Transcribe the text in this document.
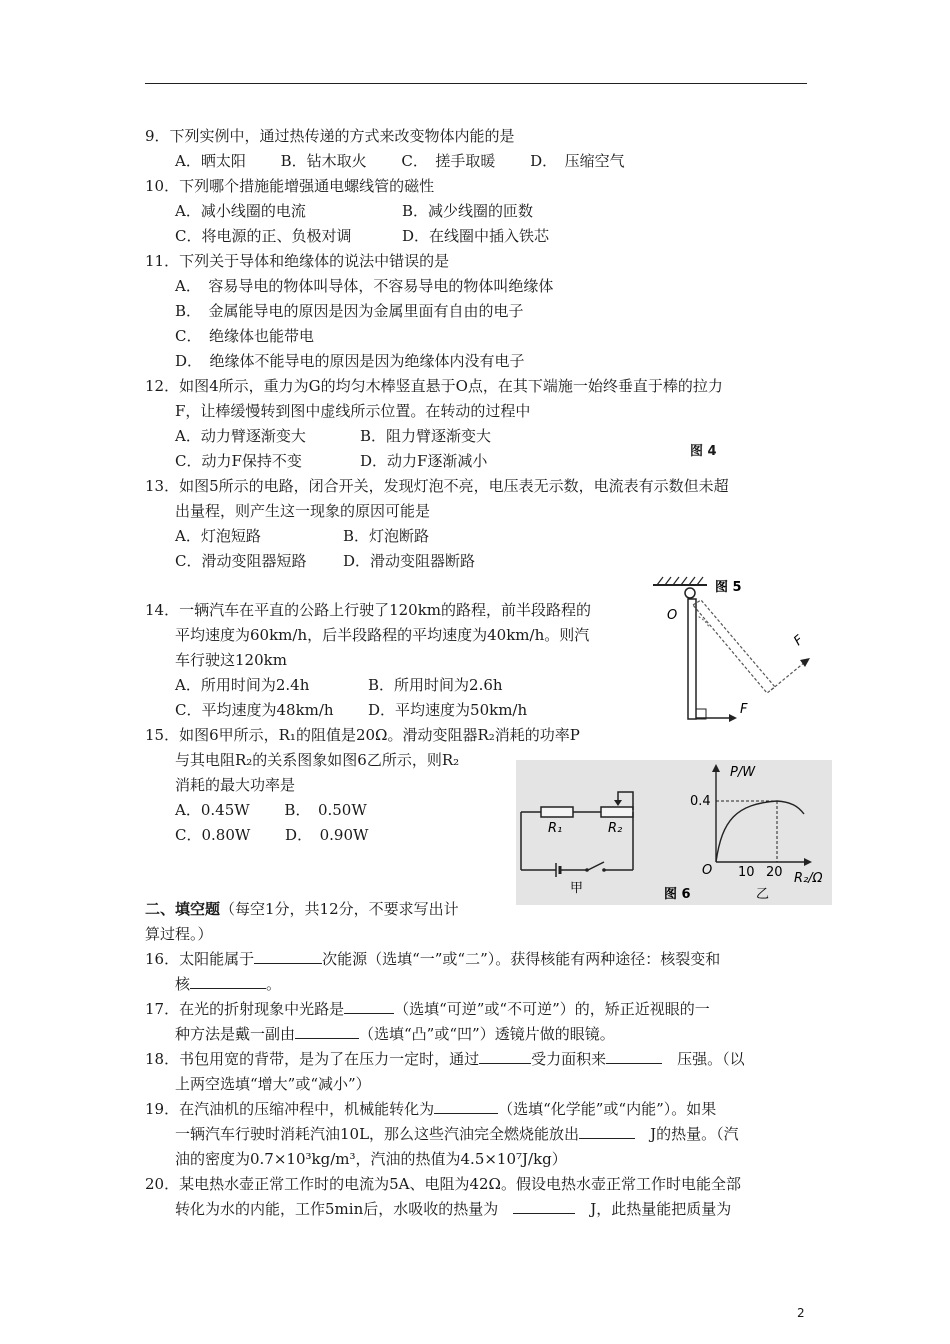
9．下列实例中，通过热传递的方式来改变物体内能的是
A．晒太阳　　 B．钻木取火　　 C．　搓手取暖　　 D．　压缩空气
10．下列哪个措施能增强通电螺线管的磁性
A．减小线圈的电流	B．减少线圈的匝数
C．将电源的正、负极对调	D．在线圈中插入铁芯
11．下列关于导体和绝缘体的说法中错误的是
A．　容易导电的物体叫导体，不容易导电的物体叫绝缘体
B．　金属能导电的原因是因为金属里面有自由的电子
C．　绝缘体也能带电
D．　绝缘体不能导电的原因是因为绝缘体内没有电子
12．如图4所示，重力为G的均匀木棒竖直悬于O点，在其下端施一始终垂直于棒的拉力
F，让棒缓慢转到图中虚线所示位置。在转动的过程中
A．动力臂逐渐变大	B．阻力臂逐渐变大
C．动力F保持不变	D．动力F逐渐减小
图 4
13．如图5所示的电路，闭合开关，发现灯泡不亮，电压表无示数，电流表有示数但未超
出量程，则产生这一现象的原因可能是
A．灯泡短路	B．灯泡断路
C．滑动变阻器短路 D．滑动变阻器断路
图 5
O
F
F
14．一辆汽车在平直的公路上行驶了120km的路程，前半段路程的
平均速度为60km/h，后半段路程的平均速度为40km/h。则汽
车行驶这120km
A．所用时间为2.4h	B．所用时间为2.6h
C．平均速度为48km/h D．平均速度为50km/h
15．如图6甲所示，R₁的阻值是20Ω。滑动变阻器R₂消耗的功率P
与其电阻R₂的关系图象如图6乙所示，则R₂
消耗的最大功率是
A．0.45W　　 B．　0.50W
C．0.80W　　 D．　0.90W	R₁	R₂
甲
P/W
0.4
O 10 20 R₂/Ω
乙
图 6
二、填空题（每空1分，共12分，不要求写出计
算过程。）
16．太阳能属于	次能源（选填“一”或“二”）。获得核能有两种途径：核裂变和
核	。
17．在光的折射现象中光路是	（选填“可逆”或“不可逆”）的，矫正近视眼的一
种方法是戴一副由	（选填“凸”或“凹”）透镜片做的眼镜。
18．书包用宽的背带，是为了在压力一定时，通过	受力面积来	　压强。（以
上两空选填“增大”或“减小”）
19．在汽油机的压缩冲程中，机械能转化为	（选填“化学能”或“内能”）。如果
一辆汽车行驶时消耗汽油10L，那么这些汽油完全燃烧能放出	　J的热量。（汽
油的密度为0.7×10³kg/m³，汽油的热值为4.5×10⁷J/kg）
20．某电热水壶正常工作时的电流为5A、电阻为42Ω。假设电热水壶正常工作时电能全部
转化为水的内能，工作5min后，水吸收的热量为　	　J，此热量能把质量为
2
